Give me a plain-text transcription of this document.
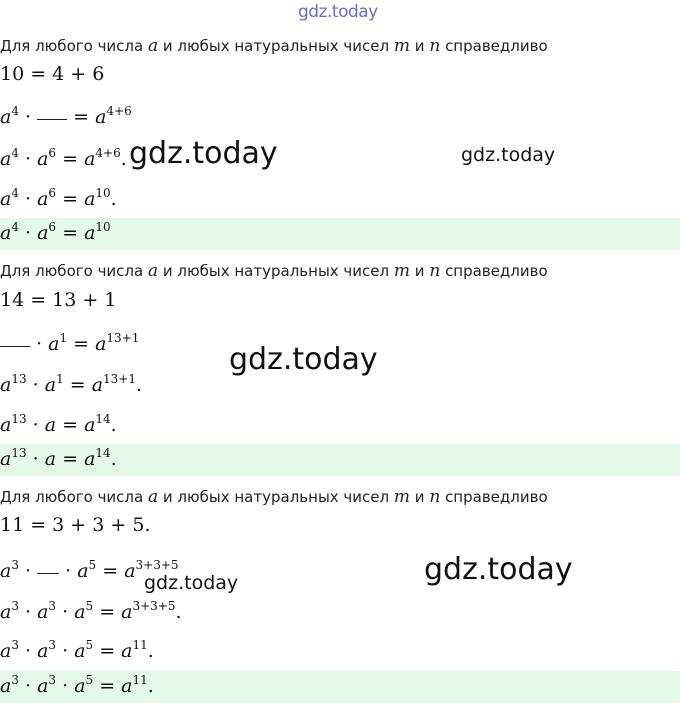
gdz.today
Для любого числа a и любых натуральных чисел m и n справедливо
10 = 4 + 6
$a^4$ ·  = $a^{4+6}$
$a^4 \cdot a^6 = a^{4+6}$.
$a^4 \cdot a^6 = a^{10}$.
$a^4 \cdot a^6 = a^{10}$
Для любого числа a и любых натуральных чисел m и n справедливо
14 = 13 + 1
· $a^1 = a^{13+1}$
$a^{13} \cdot a^1 = a^{13+1}$.
$a^{13} \cdot a = a^{14}$.
$a^{13} \cdot a = a^{14}$.
Для любого числа a и любых натуральных чисел m и n справедливо
11 = 3 + 3 + 5.
$a^3$ ·  · $a^5 = a^{3+3+5}$
$a^3 \cdot a^3 \cdot a^5 = a^{3+3+5}$.
$a^3 \cdot a^3 \cdot a^5 = a^{11}$.
$a^3 \cdot a^3 \cdot a^5 = a^{11}$.
gdz.today	gdz.today
gdz.today
gdz.today
gdz.today
